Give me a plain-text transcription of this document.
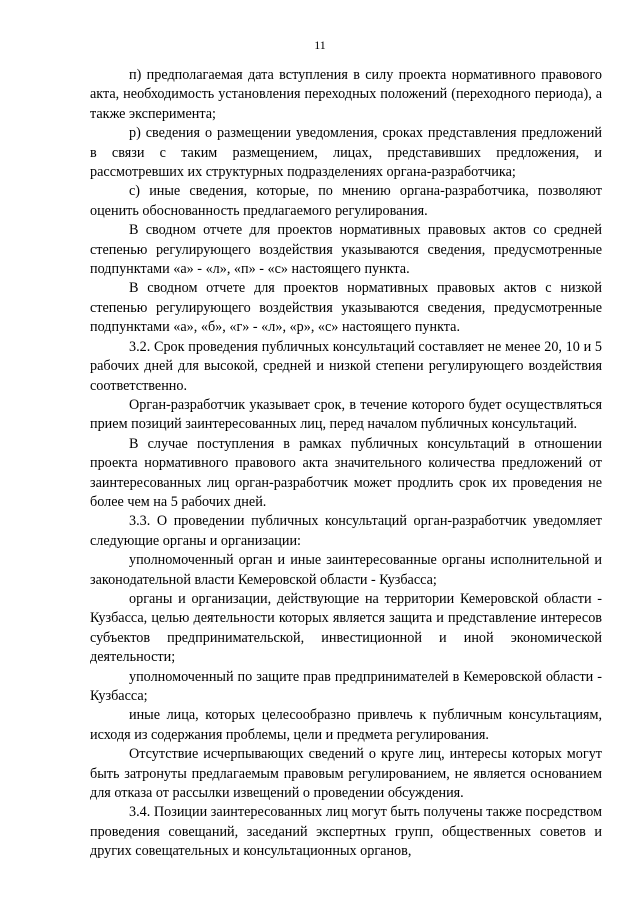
11

п) предполагаемая дата вступления в силу проекта нормативного правового акта, необходимость установления переходных положений (переходного периода), а также эксперимента;

р) сведения о размещении уведомления, сроках представления предложений в связи с таким размещением, лицах, представивших предложения, и рассмотревших их структурных подразделениях органа-разработчика;

с) иные сведения, которые, по мнению органа-разработчика, позволяют оценить обоснованность предлагаемого регулирования.

В сводном отчете для проектов нормативных правовых актов со средней степенью регулирующего воздействия указываются сведения, предусмотренные подпунктами «а» - «л», «п» - «с» настоящего пункта.

В сводном отчете для проектов нормативных правовых актов с низкой степенью регулирующего воздействия указываются сведения, предусмотренные подпунктами «а», «б», «г» - «л», «р», «с» настоящего пункта.

3.2. Срок проведения публичных консультаций составляет не менее 20, 10 и 5 рабочих дней для высокой, средней и низкой степени регулирующего воздействия соответственно.

Орган-разработчик указывает срок, в течение которого будет осуществляться прием позиций заинтересованных лиц, перед началом публичных консультаций.

В случае поступления в рамках публичных консультаций в отношении проекта нормативного правового акта значительного количества предложений от заинтересованных лиц орган-разработчик может продлить срок их проведения не более чем на 5 рабочих дней.

3.3. О проведении публичных консультаций орган-разработчик уведомляет следующие органы и организации:

уполномоченный орган и иные заинтересованные органы исполнительной и законодательной власти Кемеровской области - Кузбасса;

органы и организации, действующие на территории Кемеровской области - Кузбасса, целью деятельности которых является защита и представление интересов субъектов предпринимательской, инвестиционной и иной экономической деятельности;

уполномоченный по защите прав предпринимателей в Кемеровской области - Кузбасса;

иные лица, которых целесообразно привлечь к публичным консультациям, исходя из содержания проблемы, цели и предмета регулирования.

Отсутствие исчерпывающих сведений о круге лиц, интересы которых могут быть затронуты предлагаемым правовым регулированием, не является основанием для отказа от рассылки извещений о проведении обсуждения.

3.4. Позиции заинтересованных лиц могут быть получены также посредством проведения совещаний, заседаний экспертных групп, общественных советов и других совещательных и консультационных органов,
